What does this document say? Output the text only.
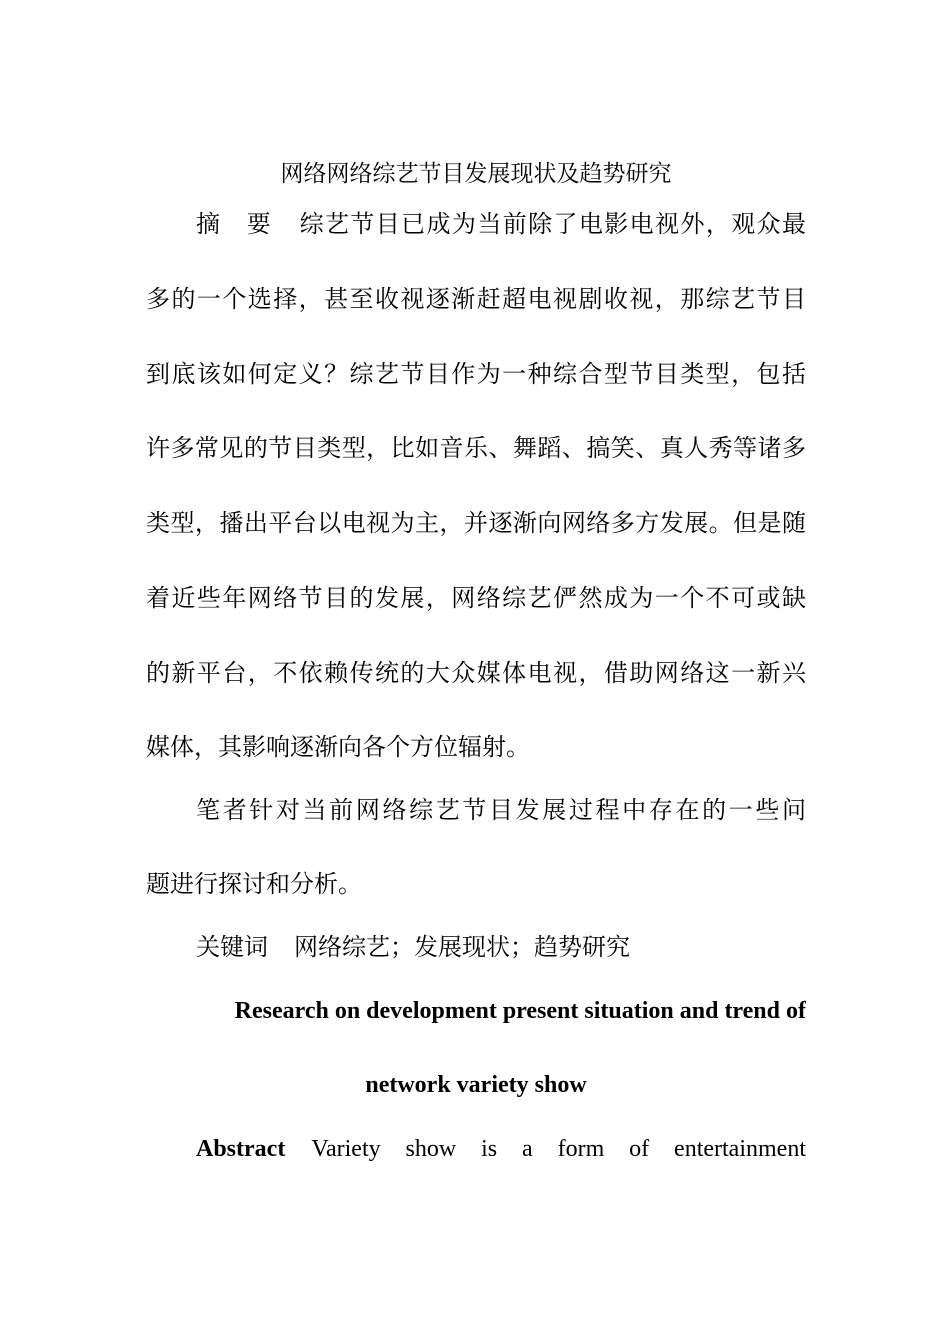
网络网络综艺节目发展现状及趋势研究
摘　要 综艺节目已成为当前除了电影电视外，观众最
多的一个选择，甚至收视逐渐赶超电视剧收视，那综艺节目
到底该如何定义？综艺节目作为一种综合型节目类型，包括
许多常见的节目类型，比如音乐、舞蹈、搞笑、真人秀等诸多
类型，播出平台以电视为主，并逐渐向网络多方发展。但是随
着近些年网络节目的发展，网络综艺俨然成为一个不可或缺
的新平台，不依赖传统的大众媒体电视，借助网络这一新兴
媒体，其影响逐渐向各个方位辐射。
笔者针对当前网络综艺节目发展过程中存在的一些问
题进行探讨和分析。
关键词 网络综艺；发展现状；趋势研究
Research on development present situation and trend of
network variety show
Abstract Variety show is a form of entertainment
